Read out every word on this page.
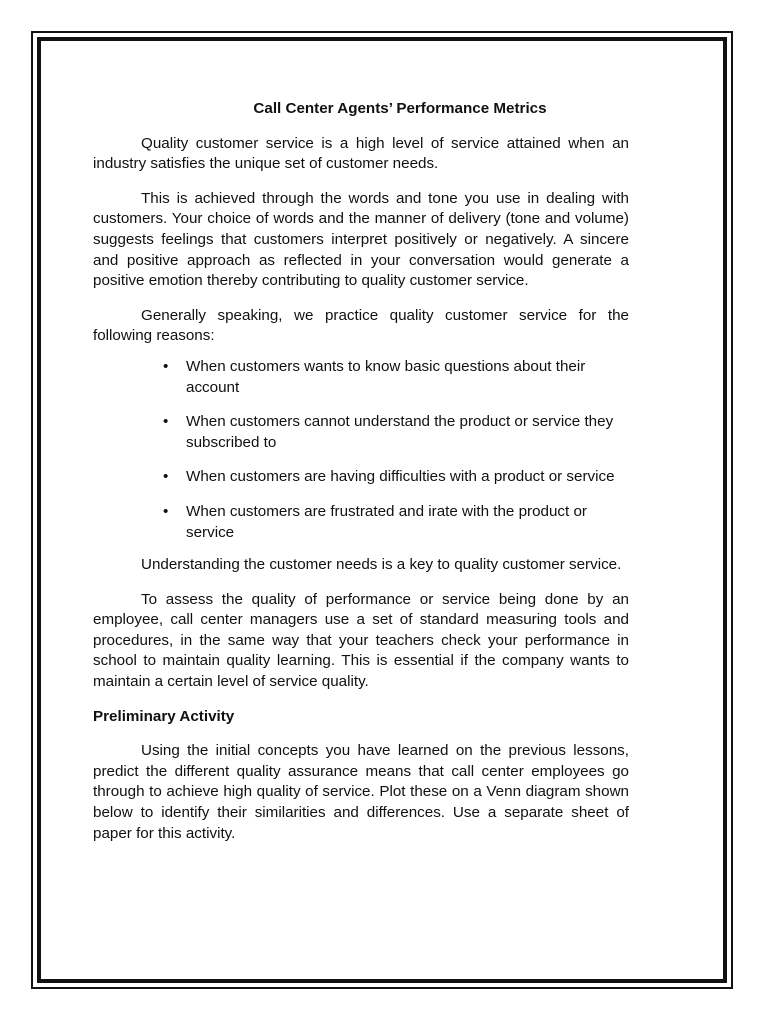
Call Center Agents’ Performance Metrics

Quality customer service is a high level of service attained when an industry satisfies the unique set of customer needs.

This is achieved through the words and tone you use in dealing with customers. Your choice of words and the manner of delivery (tone and volume) suggests feelings that customers interpret positively or negatively. A sincere and positive approach as reflected in your conversation would generate a positive emotion thereby contributing to quality customer service.

Generally speaking, we practice quality customer service for the following reasons:

• When customers wants to know basic questions about their account
• When customers cannot understand the product or service they subscribed to
• When customers are having difficulties with a product or service
• When customers are frustrated and irate with the product or service

Understanding the customer needs is a key to quality customer service.

To assess the quality of performance or service being done by an employee, call center managers use a set of standard measuring tools and procedures, in the same way that your teachers check your performance in school to maintain quality learning. This is essential if the company wants to maintain a certain level of service quality.

Preliminary Activity

Using the initial concepts you have learned on the previous lessons, predict the different quality assurance means that call center employees go through to achieve high quality of service. Plot these on a Venn diagram shown below to identify their similarities and differences. Use a separate sheet of paper for this activity.
